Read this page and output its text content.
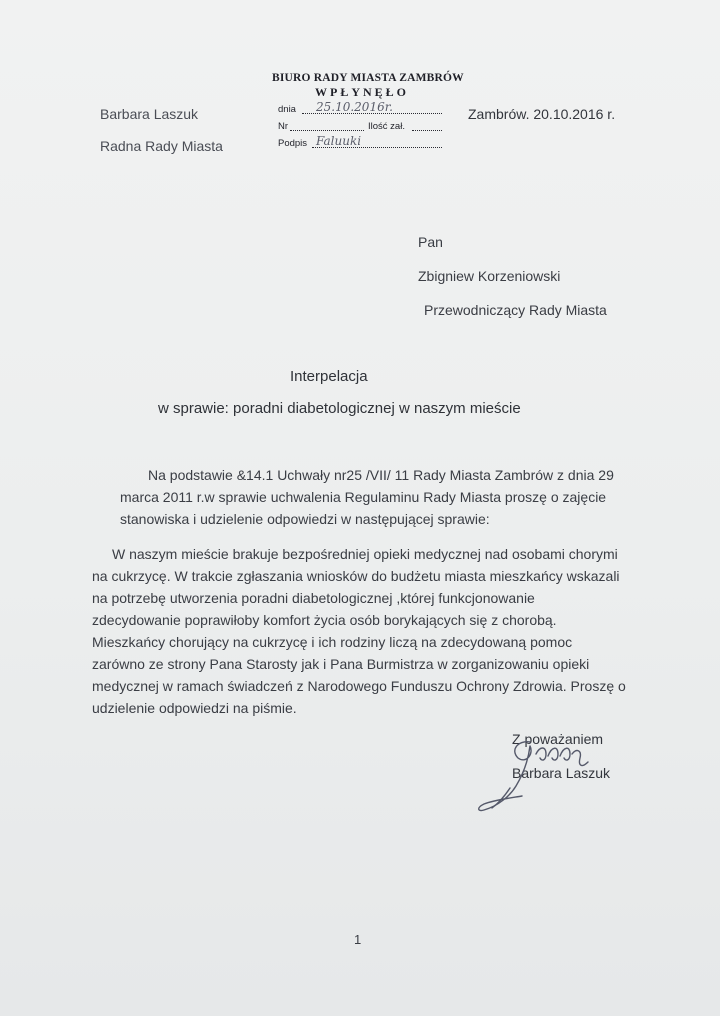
Barbara Laszuk
Radna Rady Miasta
BIURO RADY MIASTA ZAMBRÓW
WPŁYNĘŁO
dnia 25.10.2016r.
Nr	Ilość zał.
Podpis Faluuki
Zambrów. 20.10.2016 r.
Pan
Zbigniew Korzeniowski
Przewodniczący Rady Miasta
Interpelacja
w sprawie: poradni diabetologicznej w naszym mieście
Na podstawie &14.1 Uchwały nr25 /VII/ 11 Rady Miasta Zambrów z dnia 29
marca 2011 r.w sprawie uchwalenia Regulaminu Rady Miasta proszę o zajęcie
stanowiska i udzielenie odpowiedzi w następującej sprawie:
W naszym mieście brakuje bezpośredniej opieki medycznej nad osobami chorymi
na cukrzycę. W trakcie zgłaszania wniosków do budżetu miasta mieszkańcy wskazali
na potrzebę utworzenia poradni diabetologicznej ,której funkcjonowanie
zdecydowanie poprawiłoby komfort życia osób borykających się z chorobą.
Mieszkańcy chorujący na cukrzycę i ich rodziny liczą na zdecydowaną pomoc
zarówno ze strony Pana Starosty jak i Pana Burmistrza w zorganizowaniu opieki
medycznej w ramach świadczeń z Narodowego Funduszu Ochrony Zdrowia. Proszę o
udzielenie odpowiedzi na piśmie.
Z poważaniem
Barbara Laszuk
1
